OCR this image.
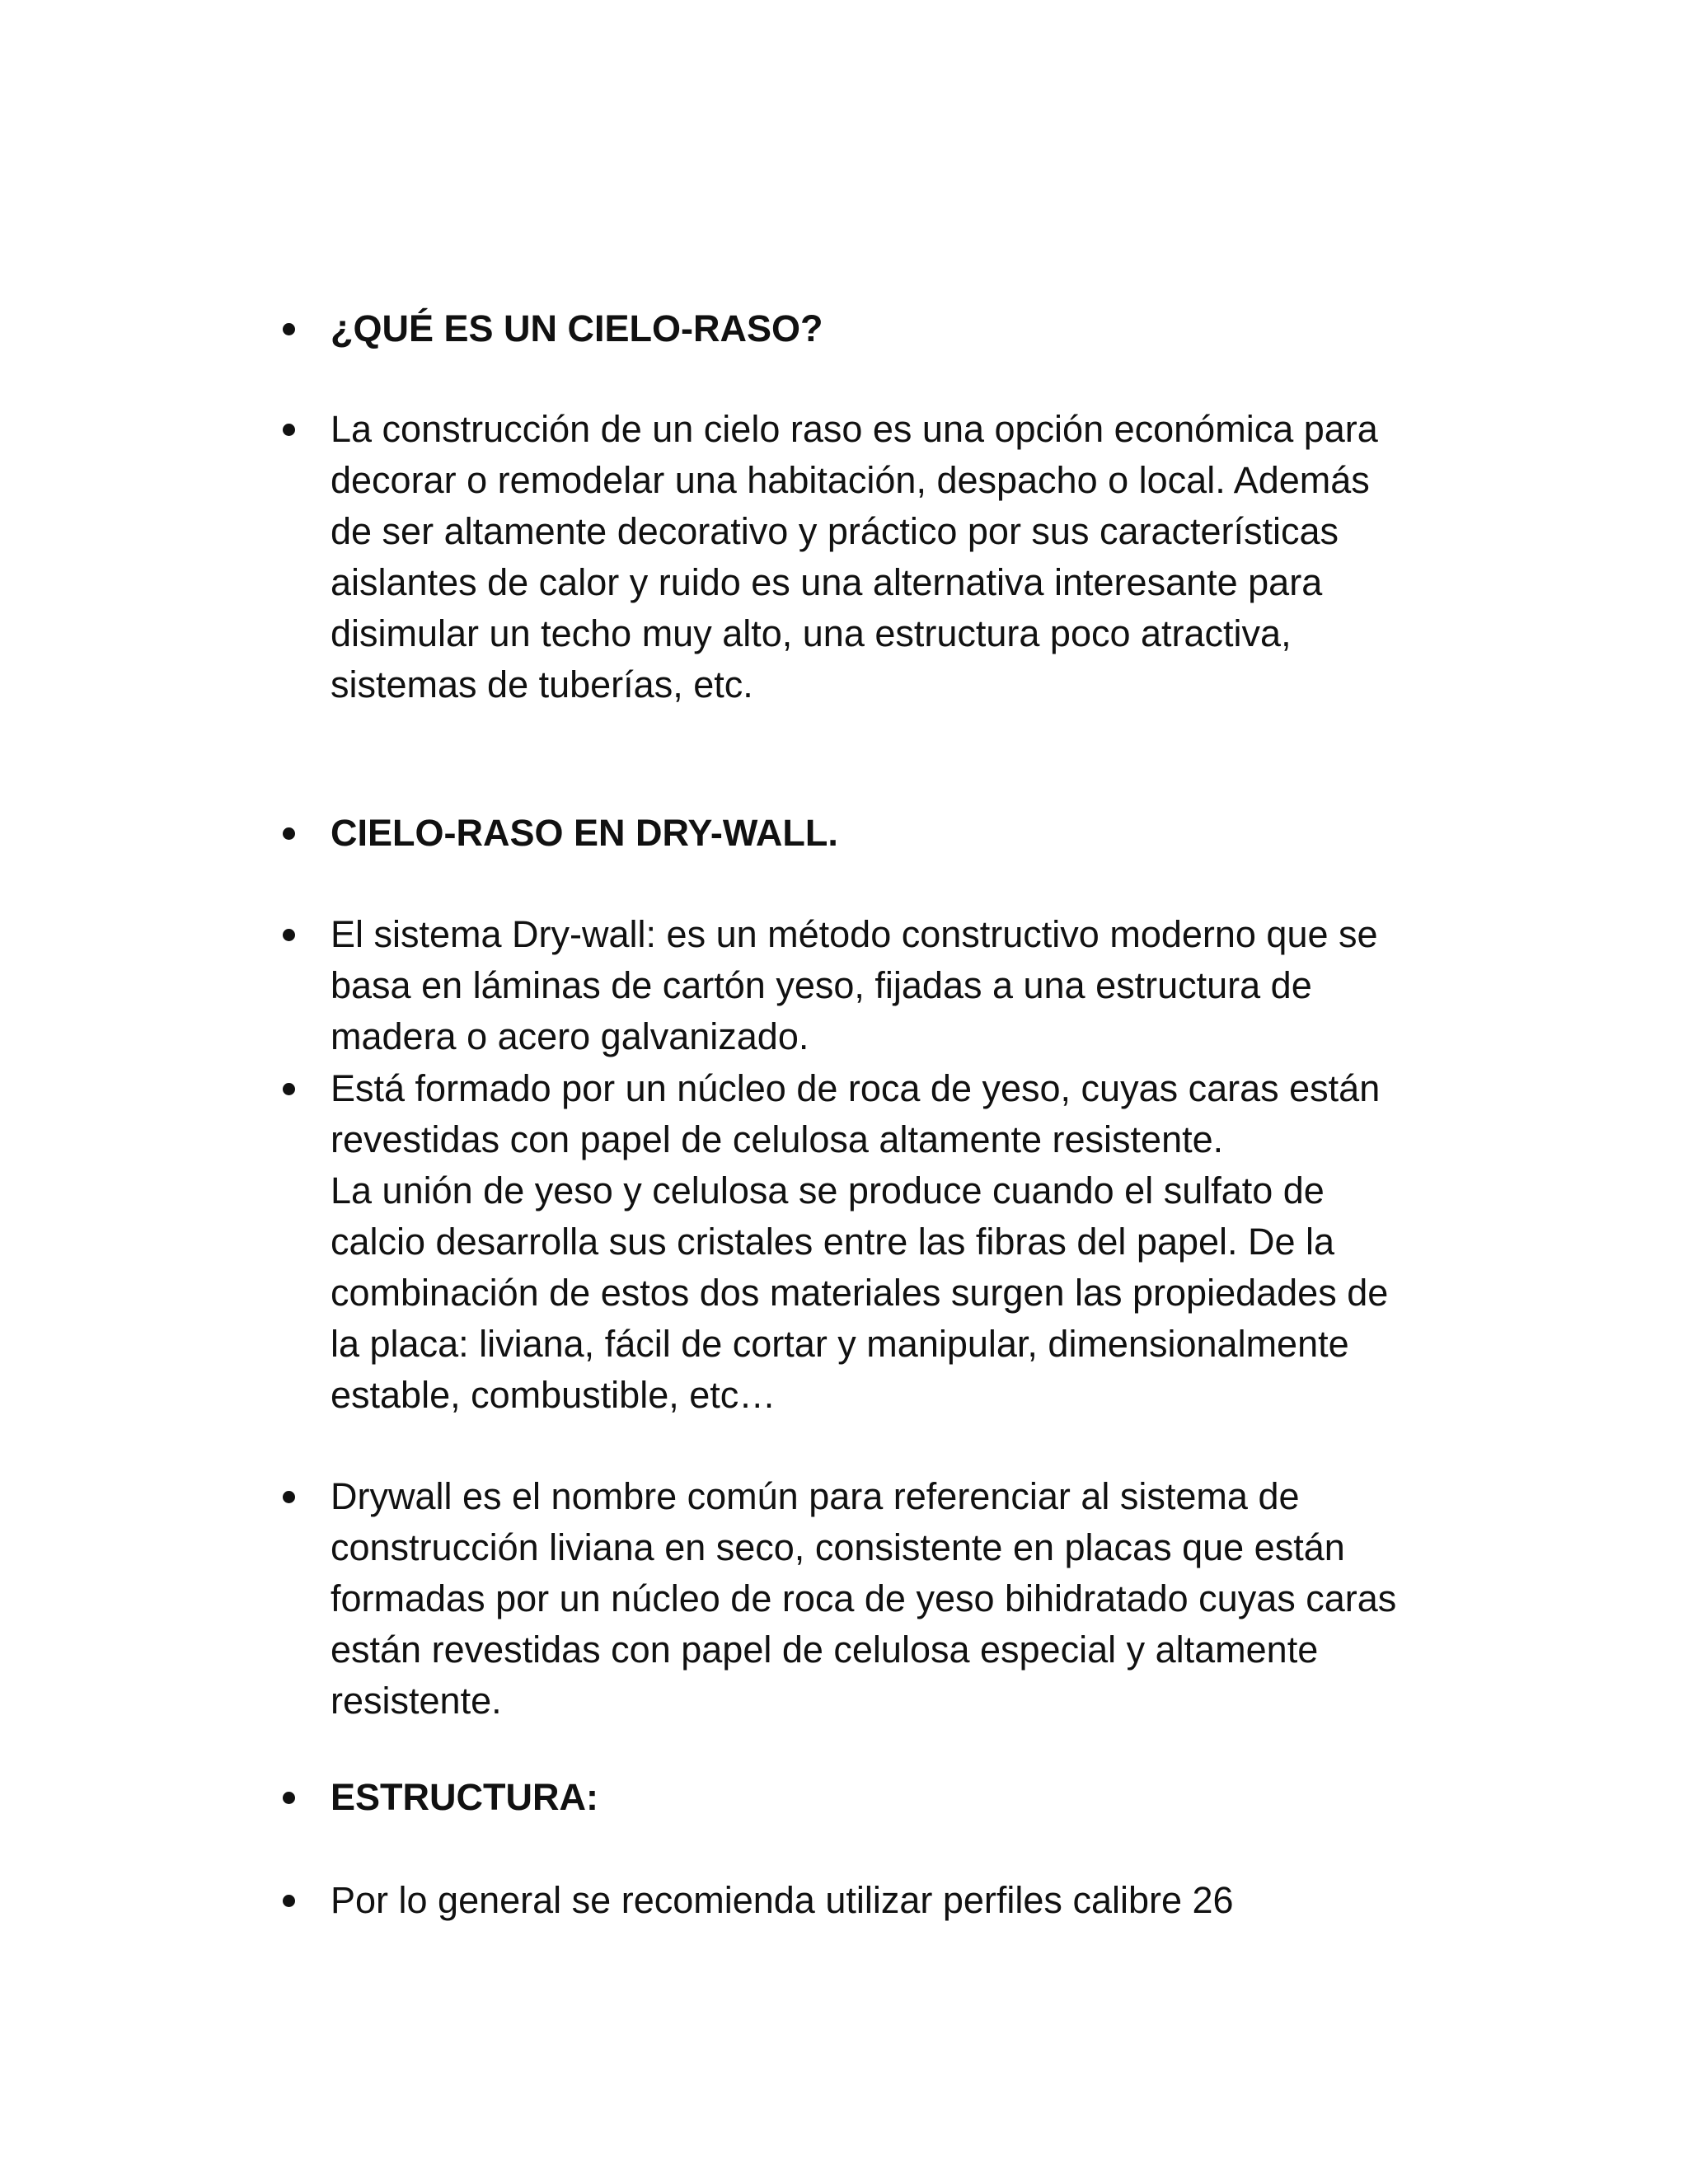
¿QUÉ ES UN CIELO-RASO?
La construcción de un cielo raso es una opción económica para
decorar o remodelar una habitación, despacho o local. Además
de ser altamente decorativo y práctico por sus características
aislantes de calor y ruido es una alternativa interesante para
disimular un techo muy alto, una estructura poco atractiva,
sistemas de tuberías, etc.
CIELO-RASO EN DRY-WALL.
El sistema Dry-wall: es un método constructivo moderno que se
basa en láminas de cartón yeso, fijadas a una estructura de
madera o acero galvanizado.
Está formado por un núcleo de roca de yeso, cuyas caras están
revestidas con papel de celulosa altamente resistente.
La unión de yeso y celulosa se produce cuando el sulfato de
calcio desarrolla sus cristales entre las fibras del papel. De la
combinación de estos dos materiales surgen las propiedades de
la placa: liviana, fácil de cortar y manipular, dimensionalmente
estable, combustible, etc…
Drywall es el nombre común para referenciar al sistema de
construcción liviana en seco, consistente en placas que están
formadas por un núcleo de roca de yeso bihidratado cuyas caras
están revestidas con papel de celulosa especial y altamente
resistente.
ESTRUCTURA:
Por lo general se recomienda utilizar perfiles calibre 26
